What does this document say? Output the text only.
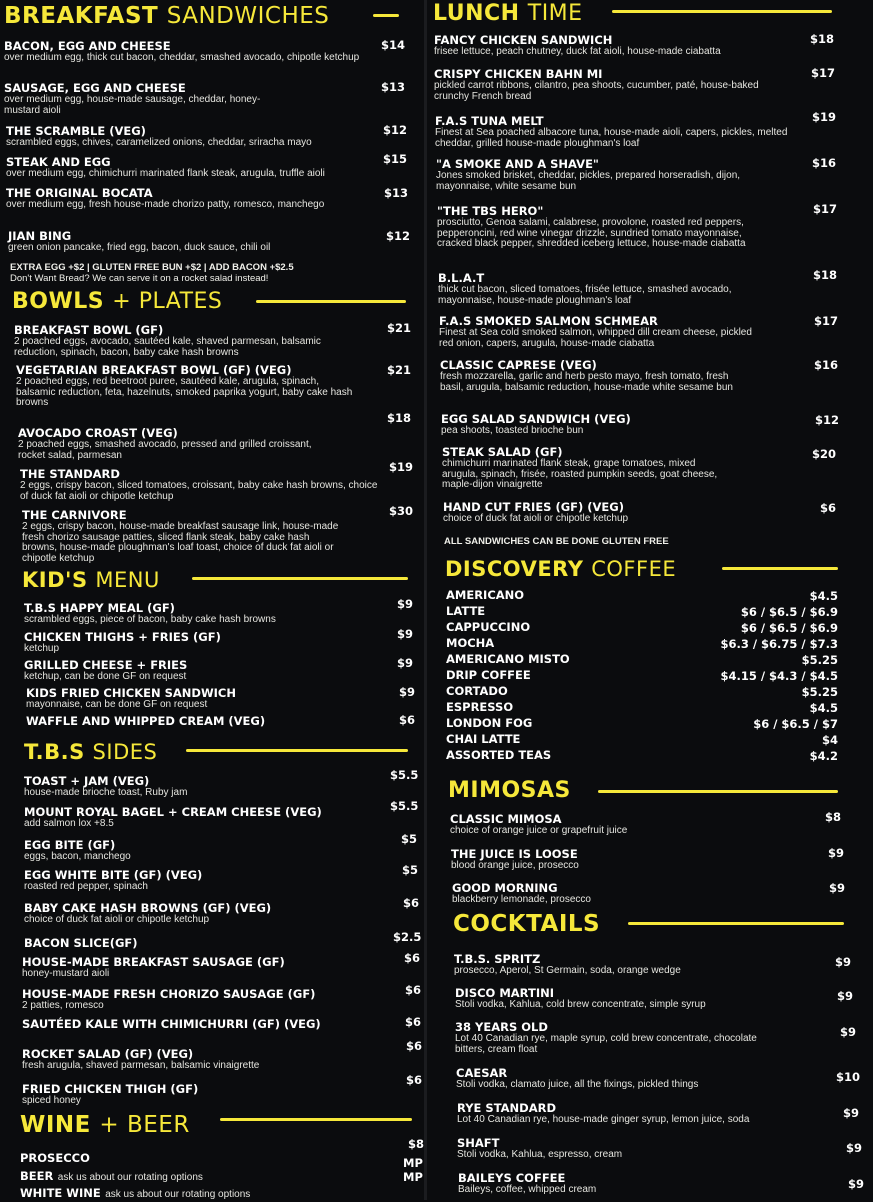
BREAKFAST SANDWICHES
BACON, EGG AND CHEESE
over medium egg, thick cut bacon, cheddar, smashed avocado, chipotle ketchup
$14
SAUSAGE, EGG AND CHEESE
over medium egg, house-made sausage, cheddar, honey-mustard aioli
$13
THE SCRAMBLE (VEG)
scrambled eggs, chives, caramelized onions, cheddar, sriracha mayo
$12
STEAK AND EGG
over medium egg, chimichurri marinated flank steak, arugula, truffle aioli
$15
THE ORIGINAL BOCATA
over medium egg, fresh house-made chorizo patty, romesco, manchego
$13
JIAN BING
green onion pancake, fried egg, bacon, duck sauce, chili oil
$12
EXTRA EGG +$2 | GLUTEN FREE BUN +$2 | ADD BACON +$2.5
Don't Want Bread? We can serve it on a rocket salad instead!
BOWLS + PLATES
BREAKFAST BOWL (GF)
2 poached eggs, avocado, sautéed kale, shaved parmesan, balsamic reduction, spinach, bacon, baby cake hash browns
$21
VEGETARIAN BREAKFAST BOWL (GF) (VEG)
2 poached eggs, red beetroot puree, sautéed kale, arugula, spinach, balsamic reduction, feta, hazelnuts, smoked paprika yogurt, baby cake hash browns
$21
AVOCADO CROAST (VEG)
2 poached eggs, smashed avocado, pressed and grilled croissant, rocket salad, parmesan
$18
THE STANDARD
2 eggs, crispy bacon, sliced tomatoes, croissant, baby cake hash browns, choice of duck fat aioli or chipotle ketchup
$19
THE CARNIVORE
2 eggs, crispy bacon, house-made breakfast sausage link, house-made fresh chorizo sausage patties, sliced flank steak, baby cake hash browns, house-made ploughman's loaf toast, choice of duck fat aioli or chipotle ketchup
$30
KID'S MENU
T.B.S HAPPY MEAL (GF)
scrambled eggs, piece of bacon, baby cake hash browns
$9
CHICKEN THIGHS + FRIES (GF)
ketchup
$9
GRILLED CHEESE + FRIES
ketchup, can be done GF on request
$9
KIDS FRIED CHICKEN SANDWICH
mayonnaise, can be done GF on request
$9
WAFFLE AND WHIPPED CREAM (VEG)	$6
T.B.S SIDES
TOAST + JAM (VEG)
house-made brioche toast, Ruby jam
$5.5
MOUNT ROYAL BAGEL + CREAM CHEESE (VEG)
add salmon lox +8.5
$5.5
EGG BITE (GF)
eggs, bacon, manchego
$5
EGG WHITE BITE (GF) (VEG)
roasted red pepper, spinach
$5
BABY CAKE HASH BROWNS (GF) (VEG)
choice of duck fat aioli or chipotle ketchup
$6
BACON SLICE(GF)	$2.5
HOUSE-MADE BREAKFAST SAUSAGE (GF)
honey-mustard aioli
$6
HOUSE-MADE FRESH CHORIZO SAUSAGE (GF)
2 patties, romesco
$6
SAUTÉED KALE WITH CHIMICHURRI (GF) (VEG)	$6
ROCKET SALAD (GF) (VEG)
fresh arugula, shaved parmesan, balsamic vinaigrette
$6
FRIED CHICKEN THIGH (GF)
spiced honey
$6
WINE + BEER
PROSECCO
$8
BEER ask us about our rotating options
MP
WHITE WINE ask us about our rotating options
MP
LUNCH TIME
FANCY CHICKEN SANDWICH
frisee lettuce, peach chutney, duck fat aioli, house-made ciabatta
$18
CRISPY CHICKEN BAHN MI
pickled carrot ribbons, cilantro, pea shoots, cucumber, paté, house-baked crunchy French bread
$17
F.A.S TUNA MELT
Finest at Sea poached albacore tuna, house-made aioli, capers, pickles, melted cheddar, grilled house-made ploughman's loaf
$19
"A SMOKE AND A SHAVE"
Jones smoked brisket, cheddar, pickles, prepared horseradish, dijon, mayonnaise, white sesame bun
$16
"THE TBS HERO"
prosciutto, Genoa salami, calabrese, provolone, roasted red peppers, pepperoncini, red wine vinegar drizzle, sundried tomato mayonnaise, cracked black pepper, shredded iceberg lettuce, house-made ciabatta
$17
B.L.A.T
thick cut bacon, sliced tomatoes, frisée lettuce, smashed avocado, mayonnaise, house-made ploughman's loaf
$18
F.A.S SMOKED SALMON SCHMEAR
Finest at Sea cold smoked salmon, whipped dill cream cheese, pickled red onion, capers, arugula, house-made ciabatta
$17
CLASSIC CAPRESE (VEG)
fresh mozzarella, garlic and herb pesto mayo, fresh tomato, fresh basil, arugula, balsamic reduction, house-made white sesame bun
$16
EGG SALAD SANDWICH (VEG)
pea shoots, toasted brioche bun
$12
STEAK SALAD (GF)
chimichurri marinated flank steak, grape tomatoes, mixed arugula, spinach, frisée, roasted pumpkin seeds, goat cheese, maple-dijon vinaigrette
$20
HAND CUT FRIES (GF) (VEG)
choice of duck fat aioli or chipotle ketchup
$6
ALL SANDWICHES CAN BE DONE GLUTEN FREE
DISCOVERY COFFEE
AMERICANO	$4.5
LATTE	$6 / $6.5 / $6.9
CAPPUCCINO	$6 / $6.5 / $6.9
MOCHA	$6.3 / $6.75 / $7.3
AMERICANO MISTO	$5.25
DRIP COFFEE	$4.15 / $4.3 / $4.5
CORTADO	$5.25
ESPRESSO	$4.5
LONDON FOG	$6 / $6.5 / $7
CHAI LATTE	$4
ASSORTED TEAS	$4.2
MIMOSAS
CLASSIC MIMOSA
choice of orange juice or grapefruit juice
$8
THE JUICE IS LOOSE
blood orange juice, prosecco
$9
GOOD MORNING
blackberry lemonade, prosecco
$9
COCKTAILS
T.B.S. SPRITZ
prosecco, Aperol, St Germain, soda, orange wedge
$9
DISCO MARTINI
Stoli vodka, Kahlua, cold brew concentrate, simple syrup
$9
38 YEARS OLD
Lot 40 Canadian rye, maple syrup, cold brew concentrate, chocolate bitters, cream float
$9
CAESAR
Stoli vodka, clamato juice, all the fixings, pickled things
$10
RYE STANDARD
Lot 40 Canadian rye, house-made ginger syrup, lemon juice, soda	$9
SHAFT
Stoli vodka, Kahlua, espresso, cream	$9
BAILEYS COFFEE
Baileys, coffee, whipped cream	$9
